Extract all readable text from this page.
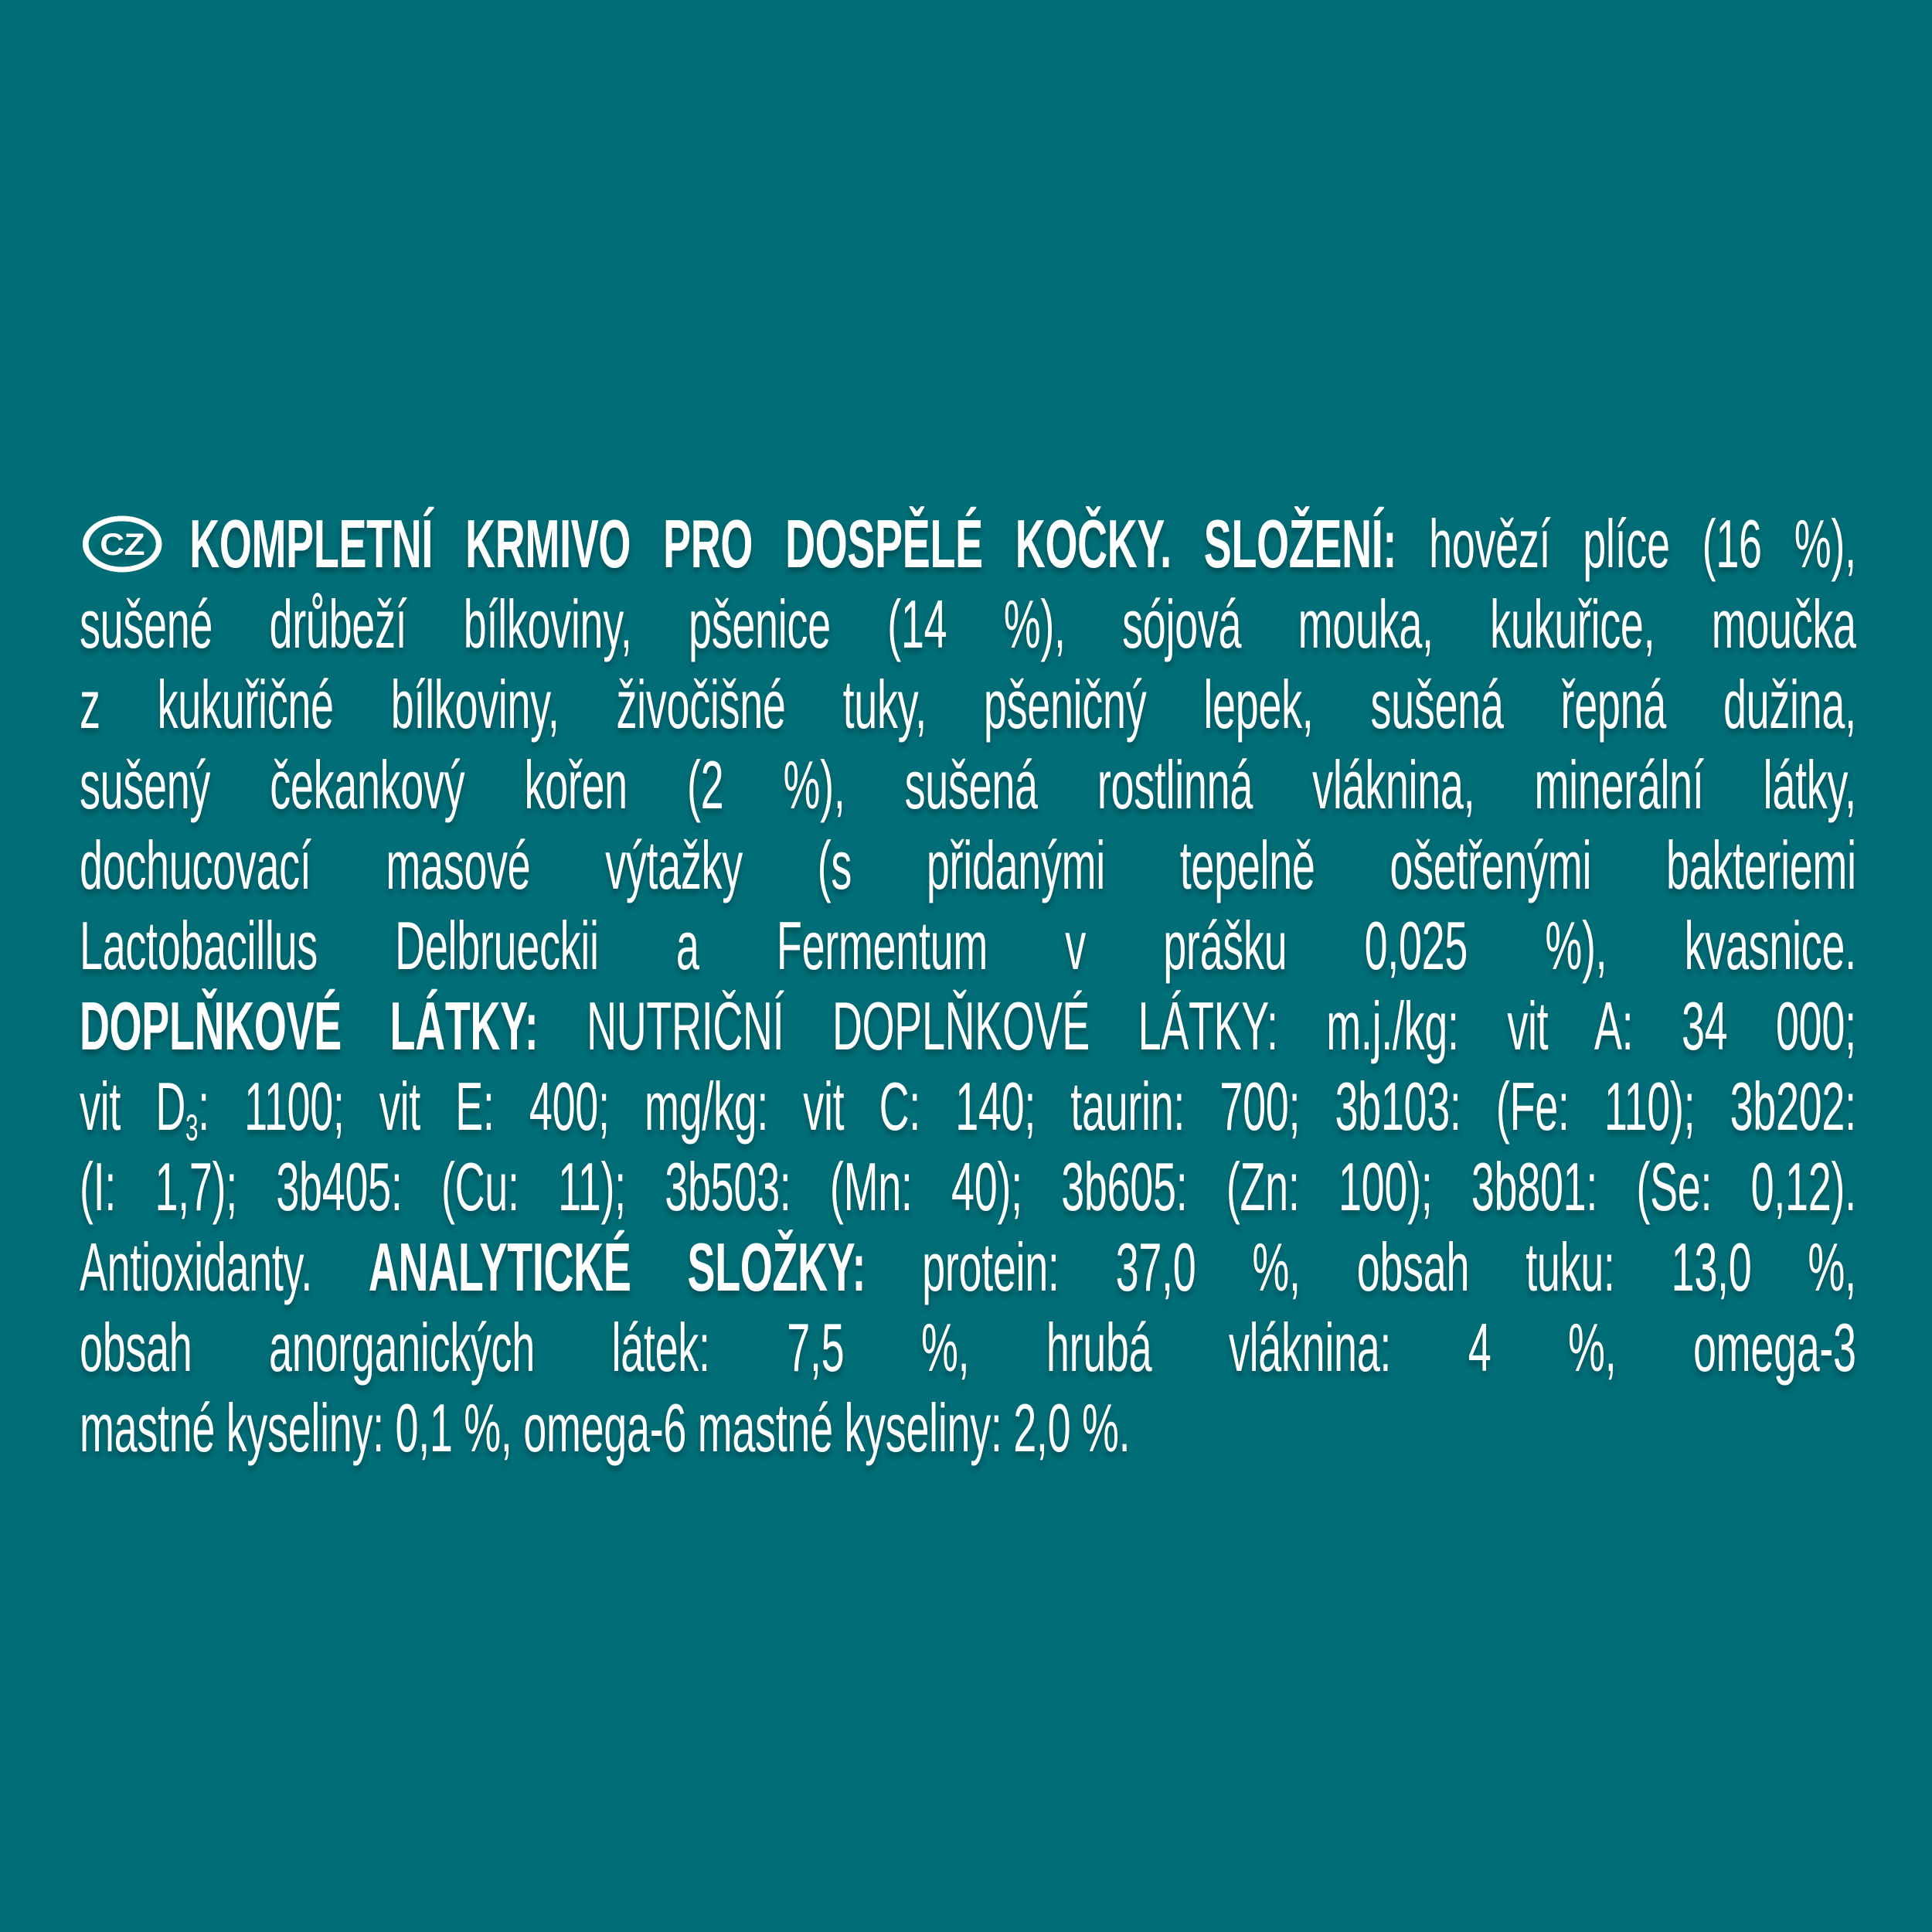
CZ KOMPLETNÍ KRMIVO PRO DOSPĚLÉ KOČKY. SLOŽENÍ: hovězí plíce (16 %),
sušené drůbeží bílkoviny, pšenice (14 %), sójová mouka, kukuřice, moučka
z kukuřičné bílkoviny, živočišné tuky, pšeničný lepek, sušená řepná dužina,
sušený čekankový kořen (2 %), sušená rostlinná vláknina, minerální látky,
dochucovací masové výtažky (s přidanými tepelně ošetřenými bakteriemi
Lactobacillus Delbrueckii a Fermentum v prášku 0,025 %), kvasnice.
DOPLŇKOVÉ LÁTKY: NUTRIČNÍ DOPLŇKOVÉ LÁTKY: m.j./kg: vit A: 34 000;
vit $D_3$: 1100; vit E: 400; mg/kg: vit C: 140; taurin: 700; 3b103: (Fe: 110); 3b202:
(I: 1,7); 3b405: (Cu: 11); 3b503: (Mn: 40); 3b605: (Zn: 100); 3b801: (Se: 0,12).
Antioxidanty. ANALYTICKÉ SLOŽKY: protein: 37,0 %, obsah tuku: 13,0 %,
obsah anorganických látek: 7,5 %, hrubá vláknina: 4 %, omega-3
mastné kyseliny: 0,1 %, omega-6 mastné kyseliny: 2,0 %.
